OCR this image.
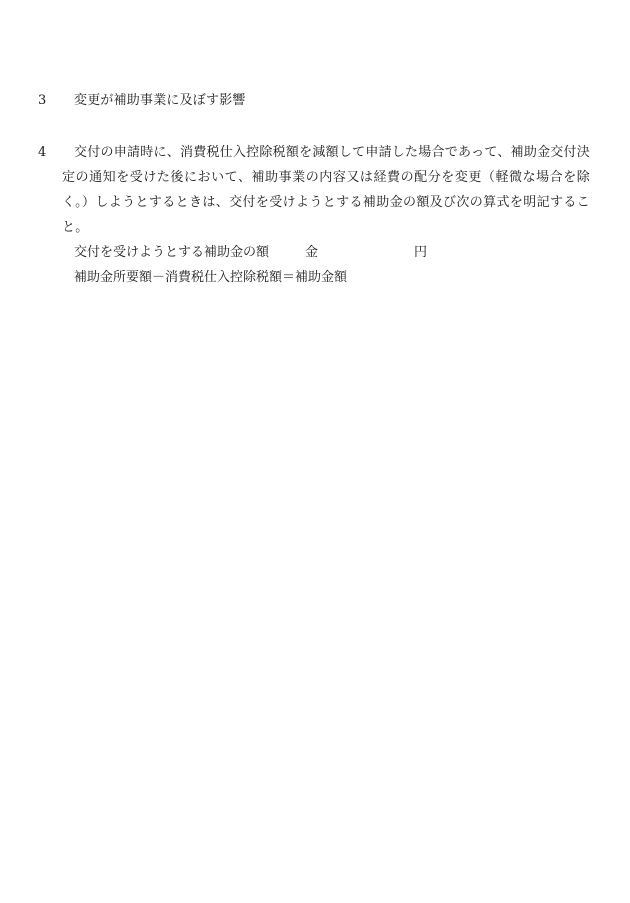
3 変更が補助事業に及ぼす影響

4 交付の申請時に、消費税仕入控除税額を減額して申請した場合であって、補助金交付決定の通知を受けた後において、補助事業の内容又は経費の配分を変更（軽微な場合を除く。）しようとするときは、交付を受けようとする補助金の額及び次の算式を明記すること。

交付を受けようとする補助金の額	金	円

補助金所要額－消費税仕入控除税額＝補助金額
